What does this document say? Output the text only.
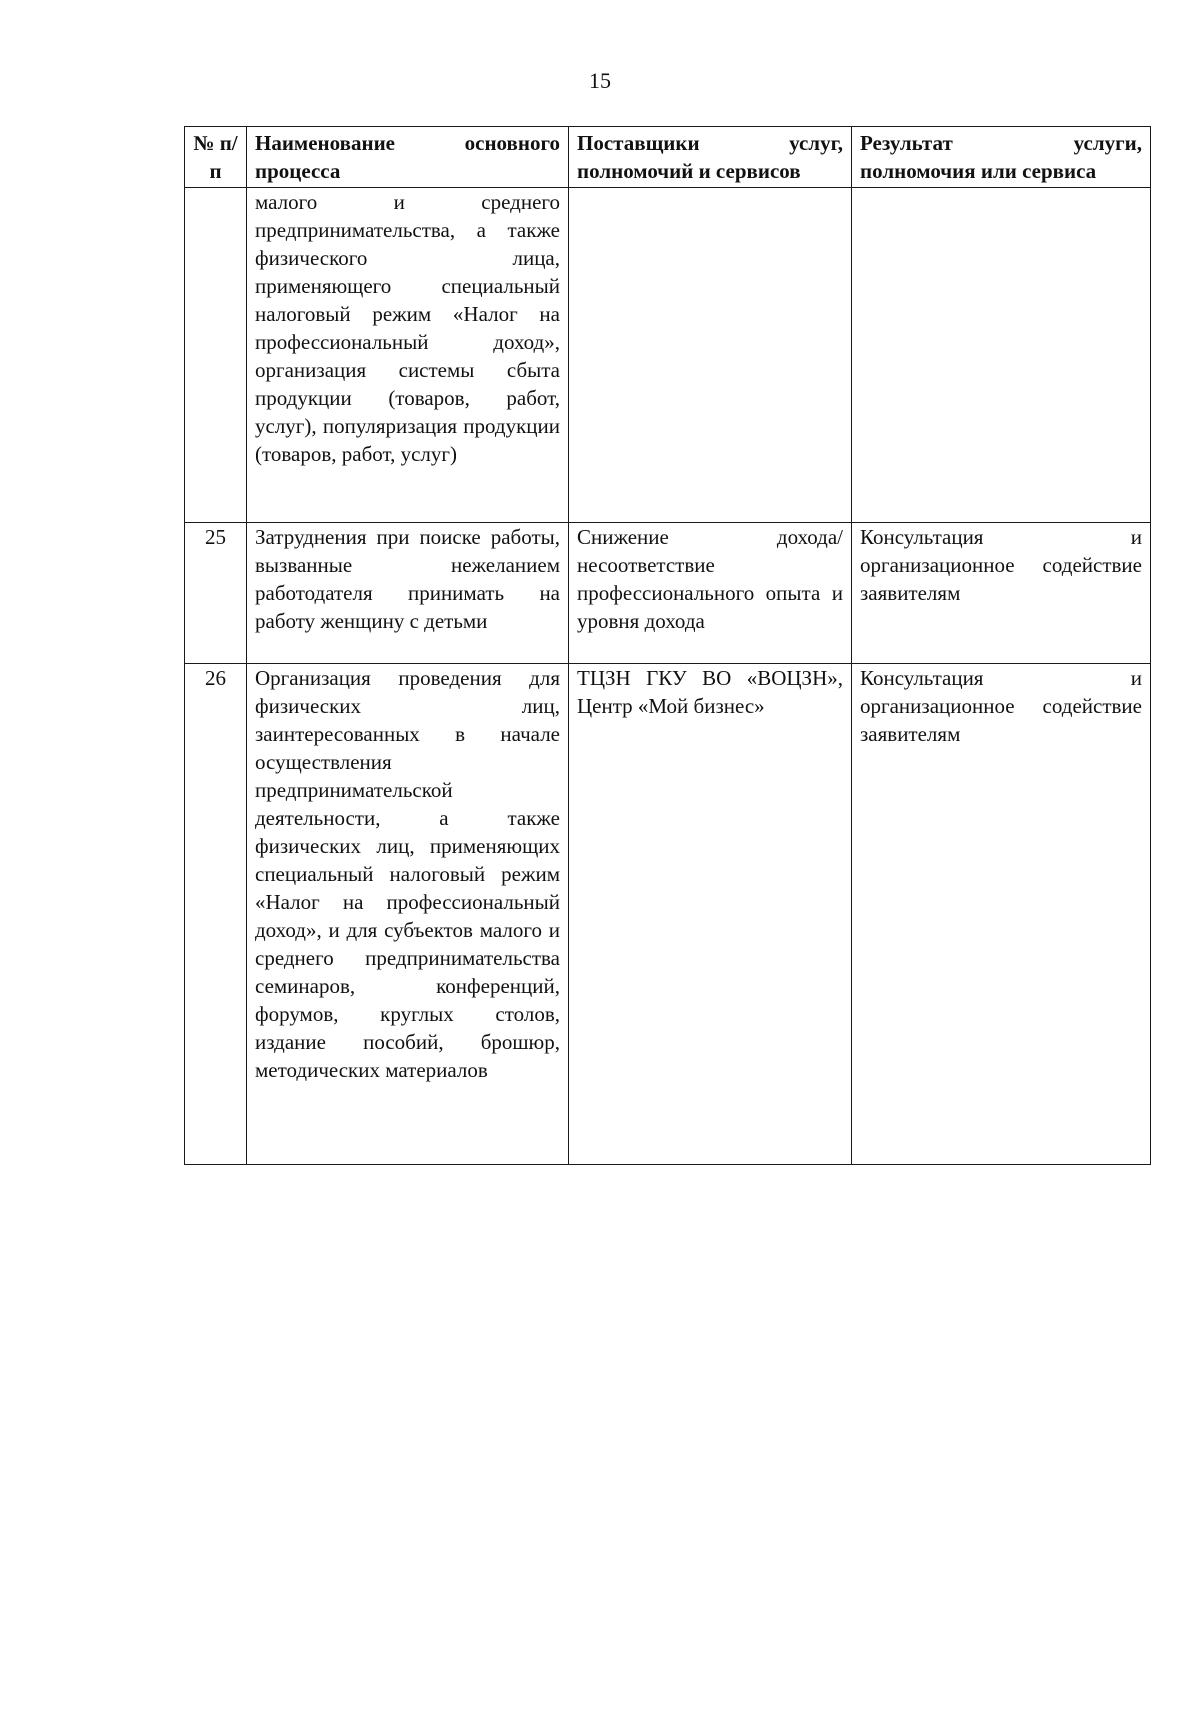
15
№ п/п	Наименование основного процесса	Поставщики услуг, полномочий и сервисов	Результат услуги, полномочия или сервиса
	малого и среднего предпринимательства, а также физического лица, применяющего специальный налоговый режим «Налог на профессиональный доход», организация системы сбыта продукции (товаров, работ, услуг), популяризация продукции (товаров, работ, услуг)		
25	Затруднения при поиске работы, вызванные нежеланием работодателя принимать на работу женщину с детьми	Снижение дохода/ несоответствие профессионального опыта и уровня дохода	Консультация и организационное содействие заявителям
26	Организация проведения для физических лиц, заинтересованных в начале осуществления предпринимательской деятельности, а также физических лиц, применяющих специальный налоговый режим «Налог на профессиональный доход», и для субъектов малого и среднего предпринимательства семинаров, конференций, форумов, круглых столов, издание пособий, брошюр, методических материалов	ТЦЗН ГКУ ВО «ВОЦЗН», Центр «Мой бизнес»	Консультация и организационное содействие заявителям
